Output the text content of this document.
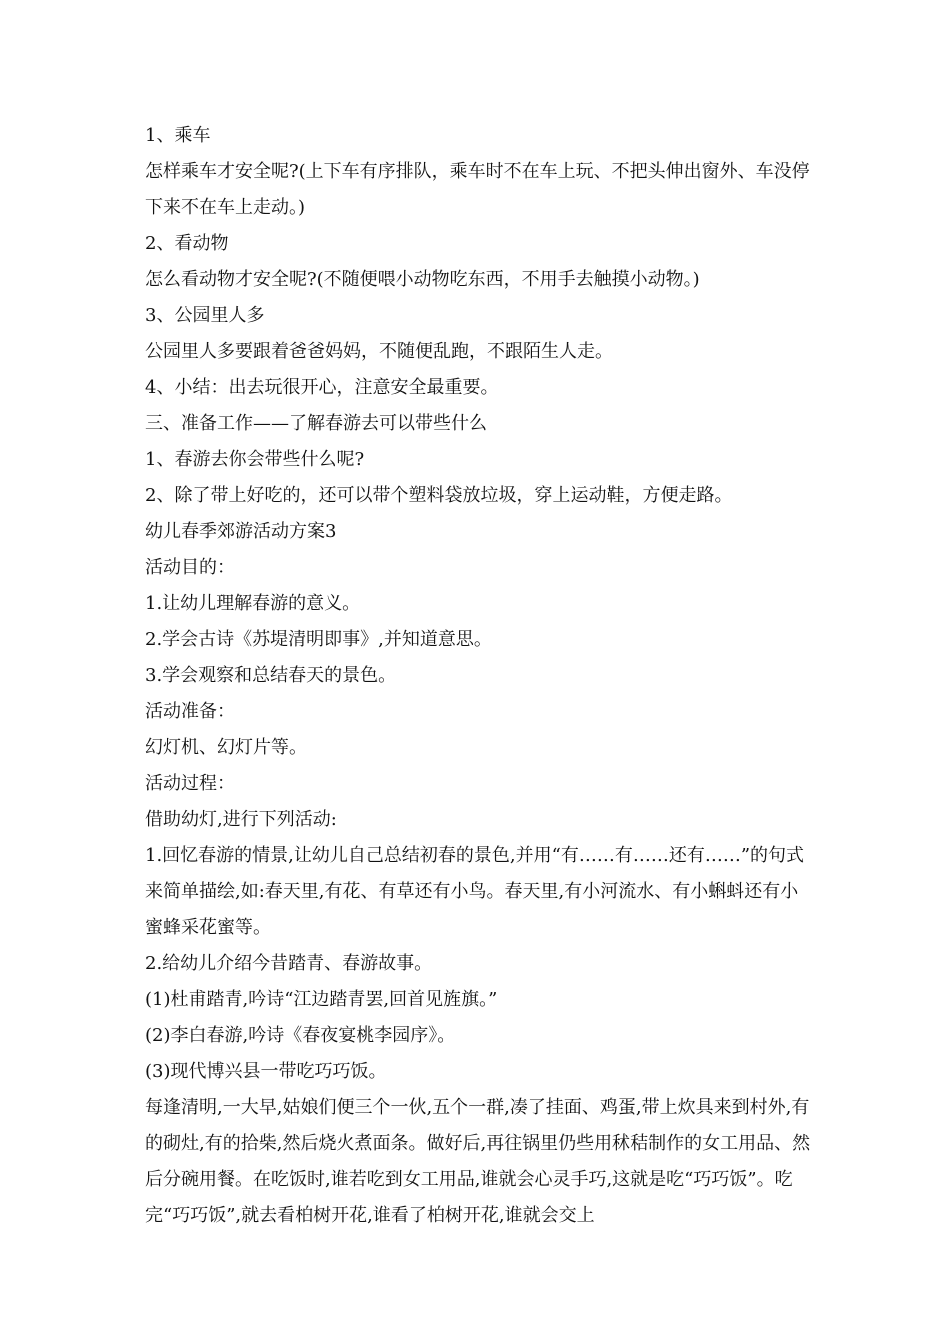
1、乘车

怎样乘车才安全呢?(上下车有序排队，乘车时不在车上玩、不把头伸出窗外、车没停下来不在车上走动。)

2、看动物

怎么看动物才安全呢?(不随便喂小动物吃东西，不用手去触摸小动物。)

3、公园里人多

公园里人多要跟着爸爸妈妈，不随便乱跑，不跟陌生人走。

4、小结：出去玩很开心，注意安全最重要。

三、准备工作——了解春游去可以带些什么

1、春游去你会带些什么呢?

2、除了带上好吃的，还可以带个塑料袋放垃圾，穿上运动鞋，方便走路。

幼儿春季郊游活动方案3

活动目的：

1.让幼儿理解春游的意义。

2.学会古诗《苏堤清明即事》,并知道意思。

3.学会观察和总结春天的景色。

活动准备：

幻灯机、幻灯片等。

活动过程：

借助幼灯,进行下列活动:

1.回忆春游的情景,让幼儿自己总结初春的景色,并用“有……有……还有……”的句式来简单描绘,如:春天里,有花、有草还有小鸟。春天里,有小河流水、有小蝌蚪还有小蜜蜂采花蜜等。

2.给幼儿介绍今昔踏青、春游故事。

(1)杜甫踏青,吟诗“江边踏青罢,回首见旌旗。”

(2)李白春游,吟诗《春夜宴桃李园序》。

(3)现代博兴县一带吃巧巧饭。

每逢清明,一大早,姑娘们便三个一伙,五个一群,凑了挂面、鸡蛋,带上炊具来到村外,有的砌灶,有的拾柴,然后烧火煮面条。做好后,再往锅里仍些用秫秸制作的女工用品、然后分碗用餐。在吃饭时,谁若吃到女工用品,谁就会心灵手巧,这就是吃“巧巧饭”。吃完“巧巧饭”,就去看柏树开花,谁看了柏树开花,谁就会交上
